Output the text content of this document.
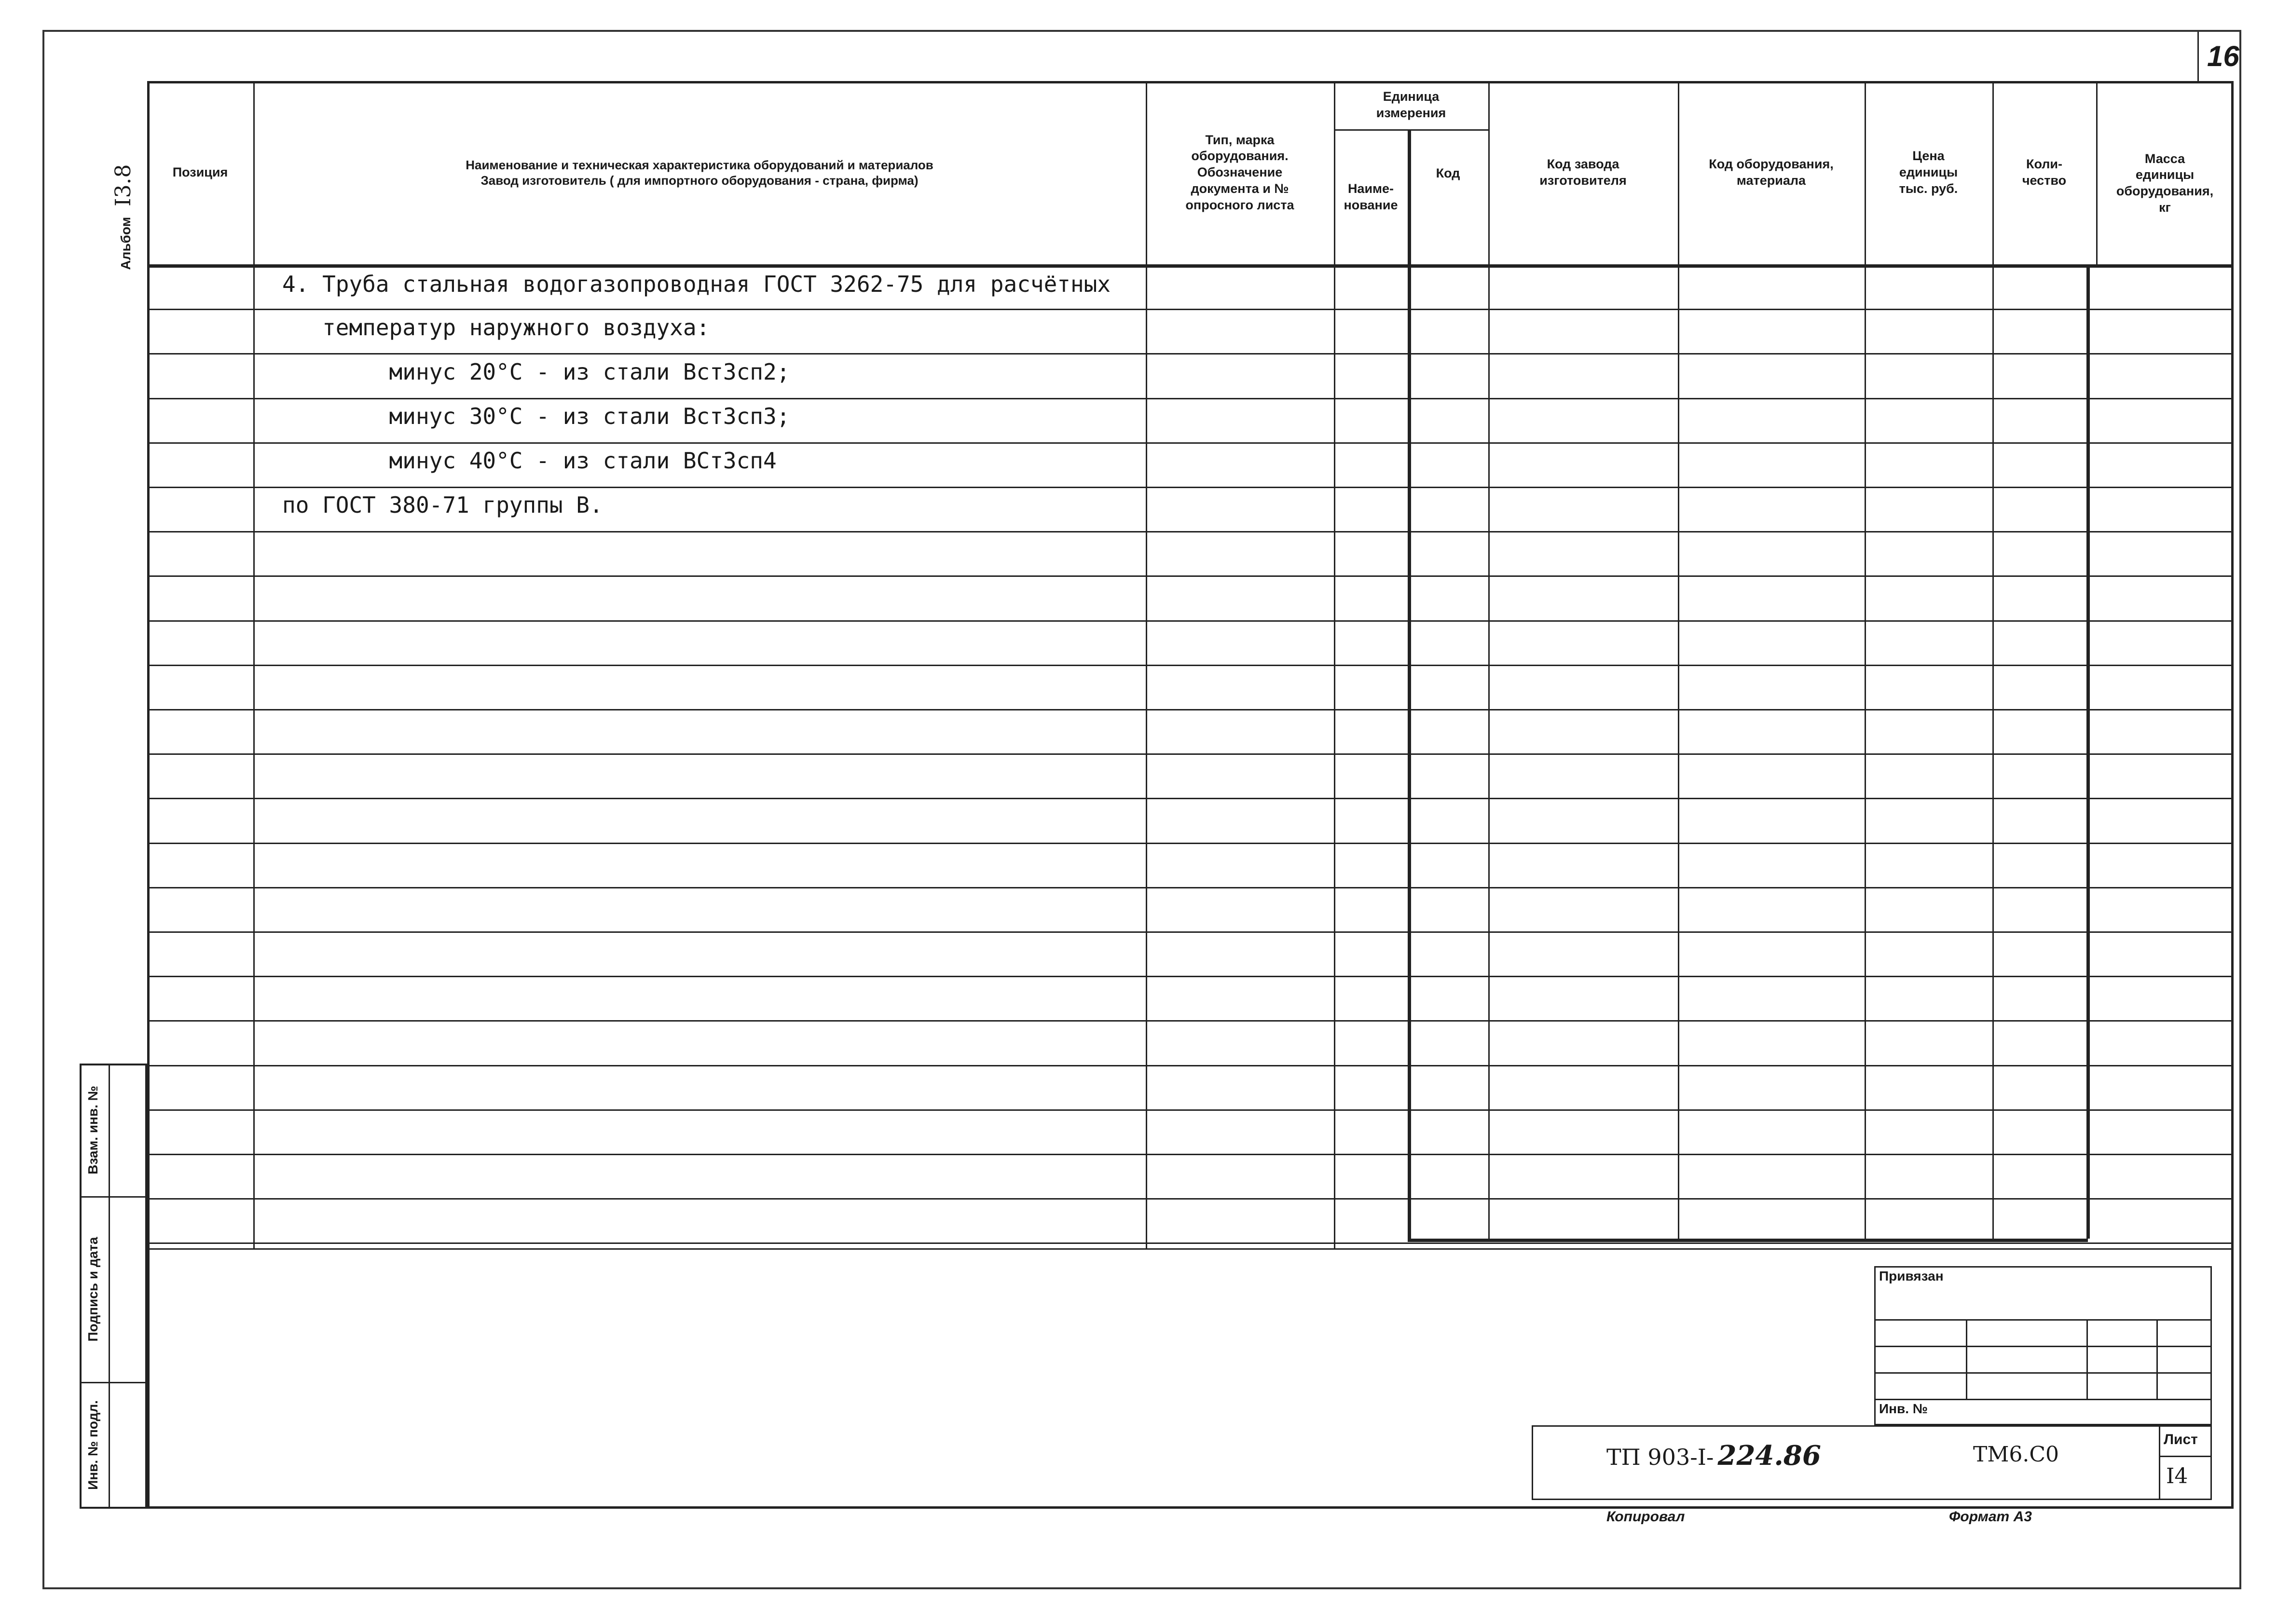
16
Альбом I3.8
Взам. инв. №
Подпись и дата
Инв. № подл.
Позиция
Наименование и техническая характеристика оборудований и материалов
Завод изготовитель ( для импортного оборудования - страна, фирма)
Тип, марка
оборудования.
Обозначение
документа и №
опросного листа
Единица
измерения
Наиме-
нование
Код
Код завода
изготовителя
Код оборудования,
материала
Цена
единицы
тыс. руб.
Коли-
чество
Масса
единицы
оборудования,
кг
4. Труба стальная водогазопроводная ГОСТ 3262-75 для расчётных
температур наружного воздуха:
минус 20°С - из стали Вст3сп2;
минус 30°С - из стали Вст3сп3;
минус 40°С - из стали ВСт3сп4
по ГОСТ 380-71 группы В.
Привязан
Инв. №
ТП 903-I- 224.86	ТМ6.С0
Лист
I4
Копировал	Формат А3
